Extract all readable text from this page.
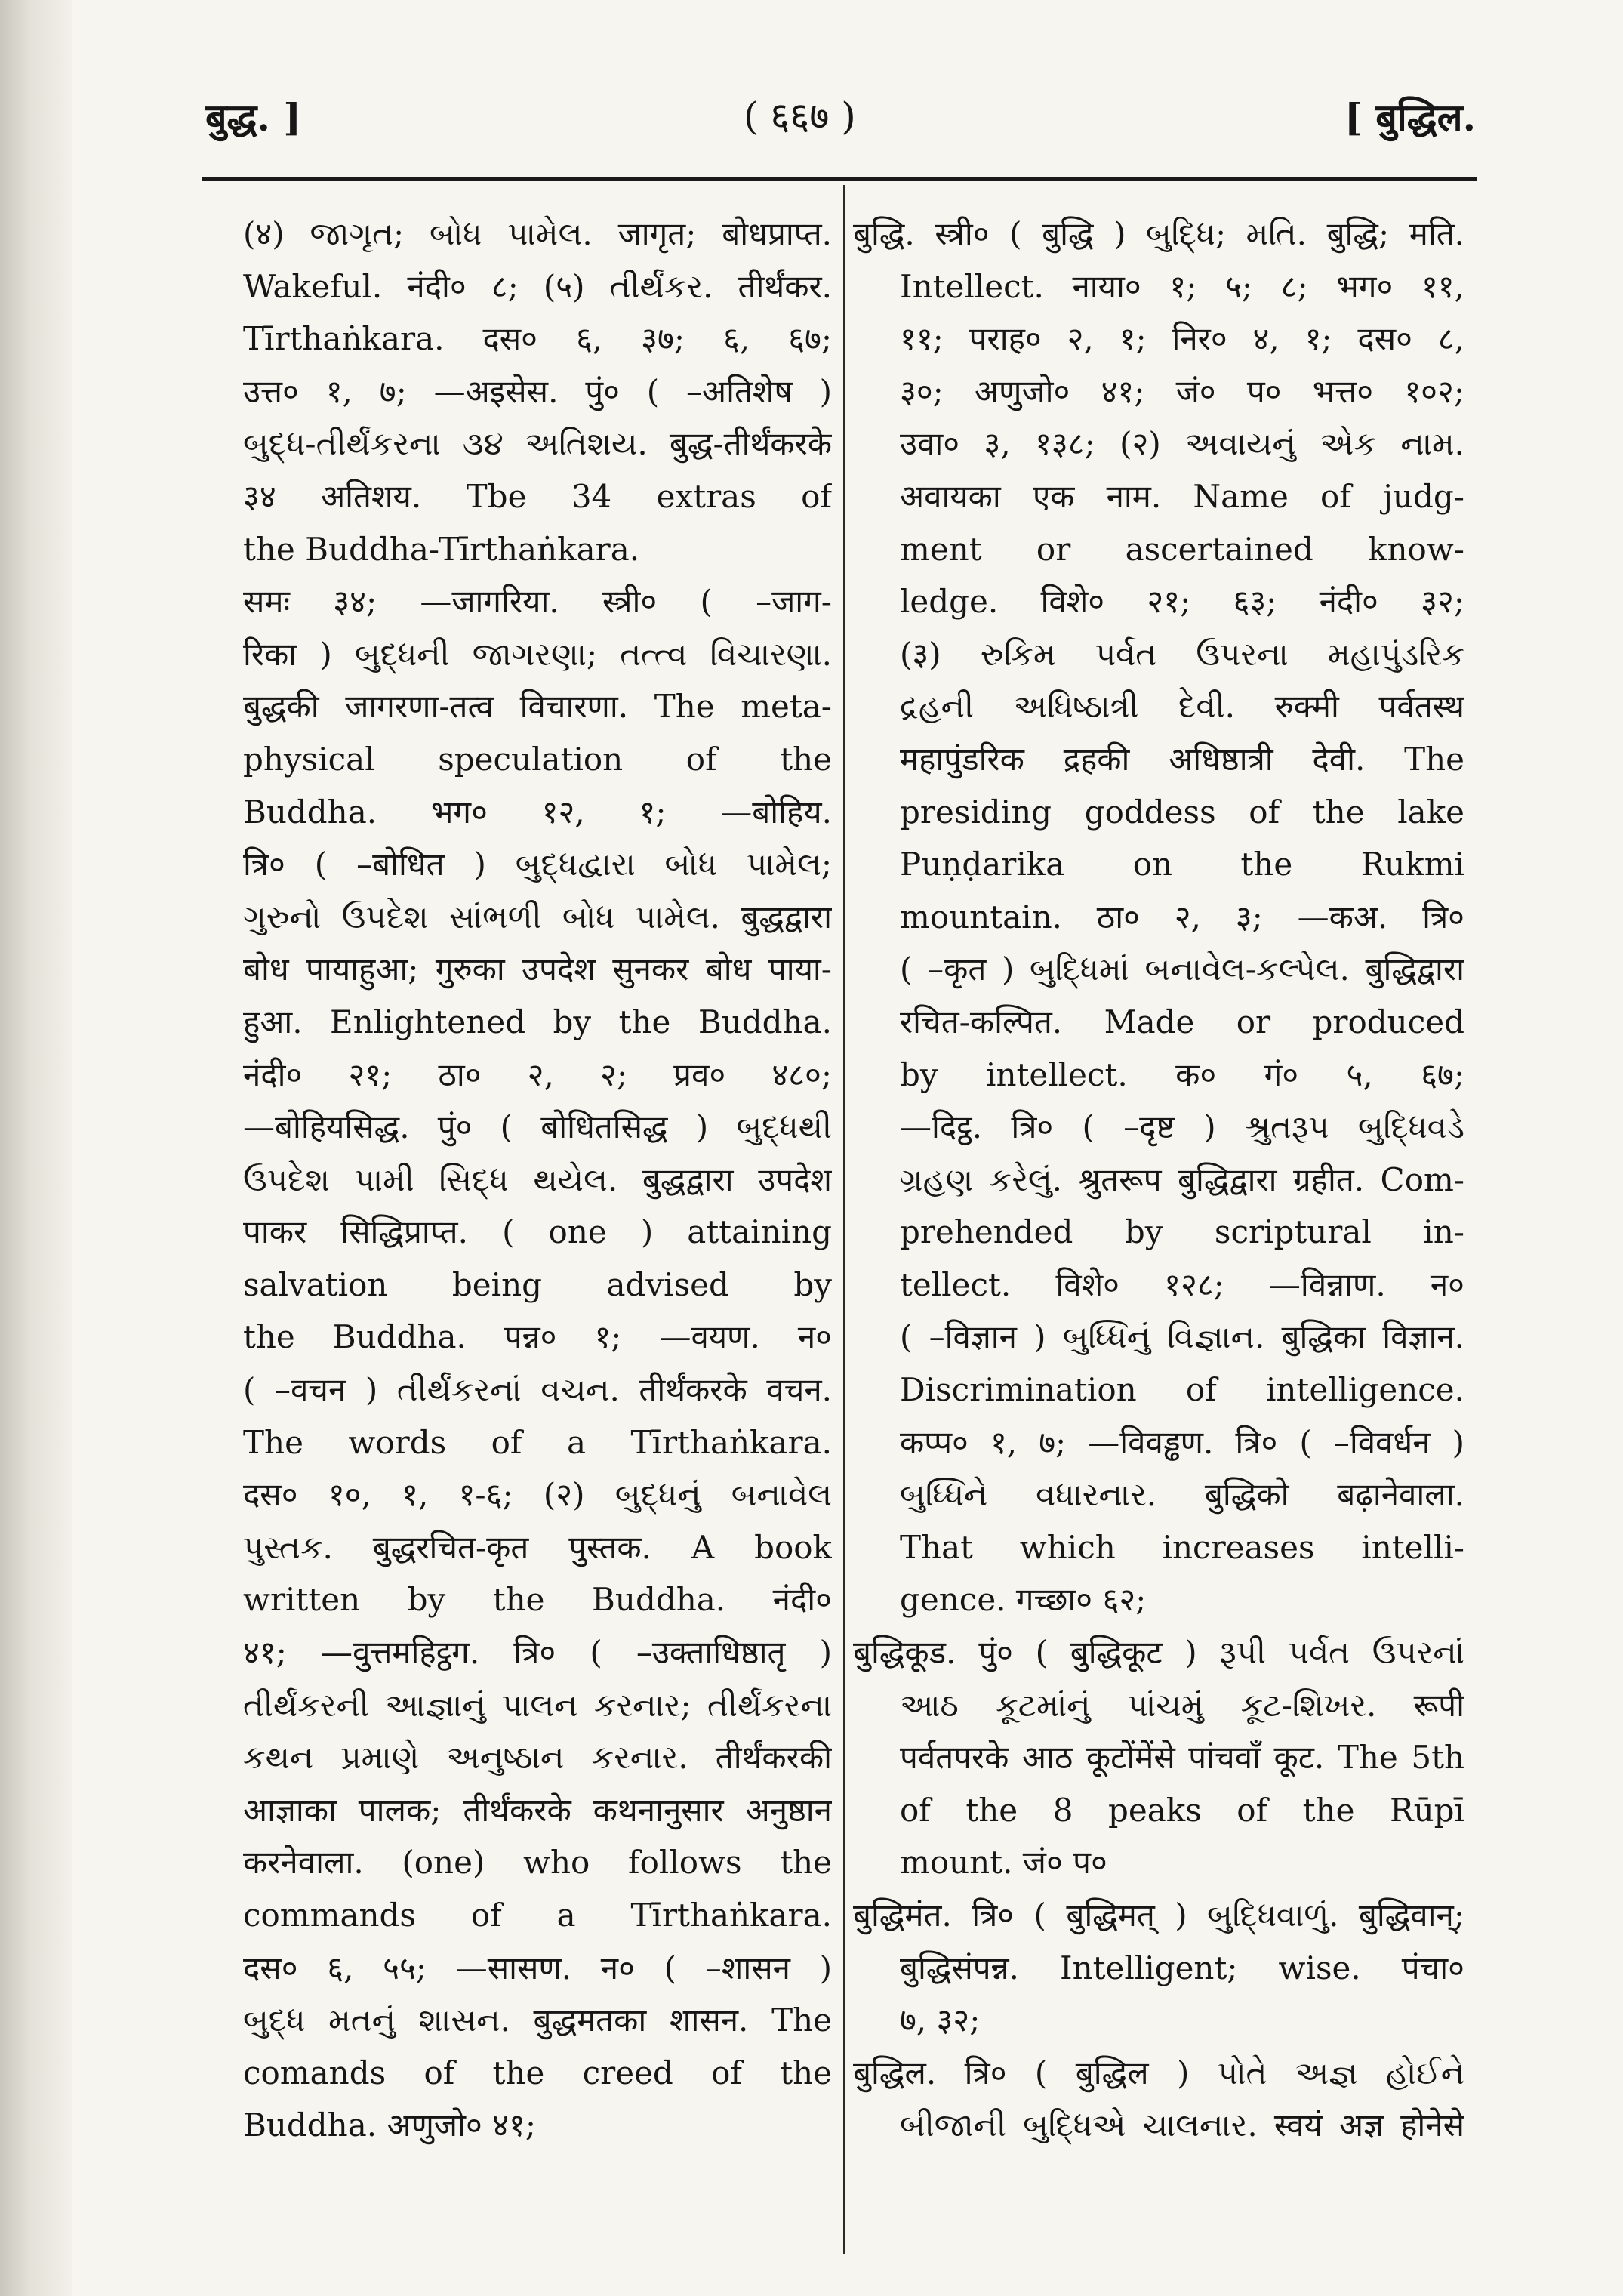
बुद्ध. ]	( ६६७ )	[ बुद्धिल.
(४) જાગૃત; બોધ પામેલ. जागृत; बोधप्राप्त.
Wakeful. नंदी० ८; (५) તીર્થંકર. तीर्थंकर.
Tīrthaṅkara. दस० ६, ३७; ६, ६७;
उत्त० १, ७; —अइसेस. पुं० ( –अतिशेष )
બુદ્ધ-તીર્થંકરના ૩૪ અતિશય. बुद्ध-तीर्थंकरके
३४ अतिशय. Tbe 34 extras of
the Buddha-Tīrthaṅkara.
समः ३४; —जागरिया. स्त्री० ( –जाग-
रिका ) બુદ્ધની જાગરણા; તત્ત્વ વિચારણા.
बुद्धकी जागरणा-तत्व विचारणा. The meta-
physical speculation of the
Buddha. भग० १२, १; —बोहिय.
त्रि० ( –बोधित ) બુદ્ધદ્વારા બોધ પામેલ;
ગુરુનો ઉપદેશ સાંભળી બોધ પામેલ. बुद्धद्वारा
बोध पायाहुआ; गुरुका उपदेश सुनकर बोध पाया-
हुआ. Enlightened by the Buddha.
नंदी० २१; ठा० २, २; प्रव० ४८०;
—बोहियसिद्ध. पुं० ( बोधितसिद्ध ) બુદ્ધથી
ઉપદેશ પામી સિદ્ધ થયેલ. बुद्धद्वारा उपदेश
पाकर सिद्धिप्राप्त. ( one ) attaining
salvation being advised by
the Buddha. पन्न० १; —वयण. न०
( –वचन ) તીર્થંકરનાં વચન. तीर्थंकरके वचन.
The words of a Tīrthaṅkara.
दस० १०, १, १-६; (२) બુદ્ધનું બનાવેલ
પુસ્તક. बुद्धरचित-कृत पुस्तक. A book
written by the Buddha. नंदी०
४१; —वुत्तमहिट्ठग. त्रि० ( –उक्ताधिष्ठातृ )
તીર્થંકરની આજ્ઞાનું પાલન કરનાર; તીર્થંકરના
કથન પ્રમાણે અનુષ્ઠાન કરનાર. तीर्थंकरकी
आज्ञाका पालक; तीर्थंकरके कथनानुसार अनुष्ठान
करनेवाला. (one) who follows the
commands of a Tīrthaṅkara.
दस० ६, ५५; —सासण. न० ( –शासन )
બુદ્ધ મતનું શાસન. बुद्धमतका शासन. The
comands of the creed of the
Buddha. अणुजो० ४१;
बुद्धि. स्त्री० ( बुद्धि ) બુદ્ધિ; મતિ. बुद्धि; मति.
Intellect. नाया० १; ५; ८; भग० ११,
११; पराह० २, १; निर० ४, १; दस० ८,
३०; अणुजो० ४१; जं० प० भत्त० १०२;
उवा० ३, १३८; (२) અવાયનું એક નામ.
अवायका एक नाम. Name of judg-
ment or ascertained know-
ledge. विशे० २१; ६३; नंदी० ३२;
(३) રુકિમ પર્વત ઉપરના મહાપુંડરિક
દ્રહની અધિષ્ઠાત્રી દેવી. रुक्मी पर्वतस्थ
महापुंडरिक द्रहकी अधिष्ठात्री देवी. The
presiding goddess of the lake
Puṇḍarika on the Rukmi
mountain. ठा० २, ३; —कअ. त्रि०
( –कृत ) બુદ્ધિમાં બનાવેલ-કલ્પેલ. बुद्धिद्वारा
रचित-कल्पित. Made or produced
by intellect. क० गं० ५, ६७;
—दिट्ठ. त्रि० ( –दृष्ट ) શ્રુતરૂપ બુદ્ધિવડે
ગ્રહણ કરેલું. श्रुतरूप बुद्धिद्वारा ग्रहीत. Com-
prehended by scriptural in-
tellect. विशे० १२८; —विन्नाण. न०
( –विज्ञान ) બુધ્ધિનું વિજ્ઞાન. बुद्धिका विज्ञान.
Discrimination of intelligence.
कप्प० १, ७; —विवड्ढण. त्रि० ( –विवर्धन )
બુધ્ધિને વધારનાર. बुद्धिको बढ़ानेवाला.
That which increases intelli-
gence. गच्छा० ६२;
बुद्धिकूड. पुं० ( बुद्धिकूट ) રૂપી પર્વત ઉપરનાં
આઠ કૂટમાંનું પાંચમું કૂટ-શિખર. रूपी
पर्वतपरके आठ कूटोंमेंसे पांचवाँ कूट. The 5th
of the 8 peaks of the Rūpī
mount. जं० प०
बुद्धिमंत. त्रि० ( बुद्धिमत् ) બુદ્ધિવાળું. बुद्धिवान्;
बुद्धिसंपन्न. Intelligent; wise. पंचा०
७, ३२;
बुद्धिल. त्रि० ( बुद्धिल ) પોતે અજ્ઞ હોઈને
બીજાની બુદ્ધિએ ચાલનાર. स्वयं अज्ञ होनेसे
